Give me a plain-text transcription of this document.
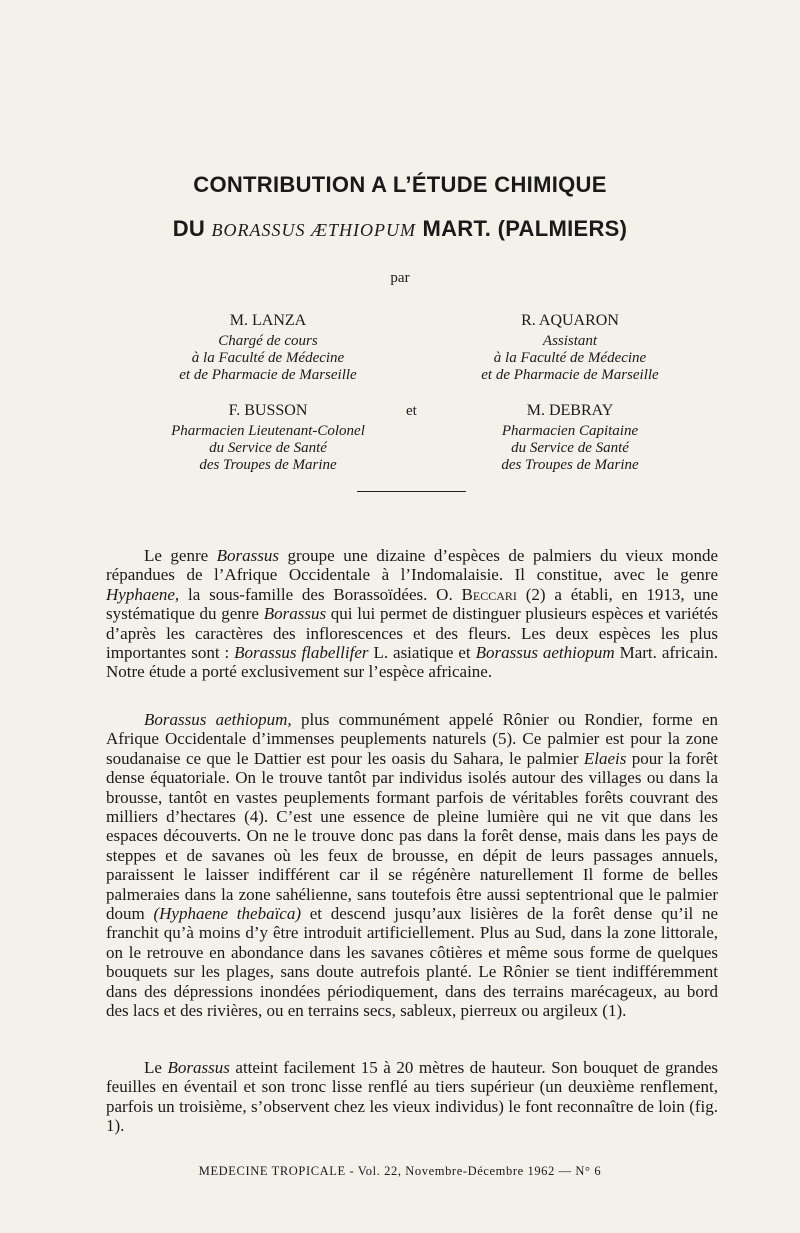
CONTRIBUTION A L’ÉTUDE CHIMIQUE
DU BORASSUS ÆTHIOPUM MART. (PALMIERS)
par
M. LANZA
Chargé de cours
à la Faculté de Médecine
et de Pharmacie de Marseille
R. AQUARON
Assistant
à la Faculté de Médecine
et de Pharmacie de Marseille
F. BUSSON
Pharmacien Lieutenant-Colonel
du Service de Santé
des Troupes de Marine
et	M. DEBRAY
Pharmacien Capitaine
du Service de Santé
des Troupes de Marine

Le genre Borassus groupe une dizaine d’espèces de palmiers du vieux monde répandues de l’Afrique Occidentale à l’Indomalaisie. Il constitue, avec le genre Hyphaene, la sous-famille des Borassoïdées. O. Beccari (2) a établi, en 1913, une systématique du genre Borassus qui lui permet de distinguer plusieurs espèces et variétés d’après les caractères des inflorescences et des fleurs. Les deux espèces les plus importantes sont : Borassus flabellifer L. asiatique et Borassus aethiopum Mart. africain. Notre étude a porté exclusivement sur l’espèce africaine.

Borassus aethiopum, plus communément appelé Rônier ou Rondier, forme en Afrique Occidentale d’immenses peuplements naturels (5). Ce palmier est pour la zone soudanaise ce que le Dattier est pour les oasis du Sahara, le palmier Elaeis pour la forêt dense équatoriale. On le trouve tantôt par individus isolés autour des villages ou dans la brousse, tantôt en vastes peuplements formant parfois de véritables forêts couvrant des milliers d’hectares (4). C’est une essence de pleine lumière qui ne vit que dans les espaces découverts. On ne le trouve donc pas dans la forêt dense, mais dans les pays de steppes et de savanes où les feux de brousse, en dépit de leurs passages annuels, paraissent le laisser indifférent car il se régénère naturellement Il forme de belles palmeraies dans la zone sahélienne, sans toutefois être aussi septentrional que le palmier doum (Hyphaene thebaïca) et descend jusqu’aux lisières de la forêt dense qu’il ne franchit qu’à moins d’y être introduit artificiellement. Plus au Sud, dans la zone littorale, on le retrouve en abondance dans les savanes côtières et même sous forme de quelques bouquets sur les plages, sans doute autrefois planté. Le Rônier se tient indifféremment dans des dépressions inondées périodiquement, dans des terrains marécageux, au bord des lacs et des rivières, ou en terrains secs, sableux, pierreux ou argileux (1).

Le Borassus atteint facilement 15 à 20 mètres de hauteur. Son bouquet de grandes feuilles en éventail et son tronc lisse renflé au tiers supérieur (un deuxième renflement, parfois un troisième, s’observent chez les vieux individus) le font reconnaître de loin (fig. 1).

MEDECINE TROPICALE - Vol. 22, Novembre-Décembre 1962 — N° 6
